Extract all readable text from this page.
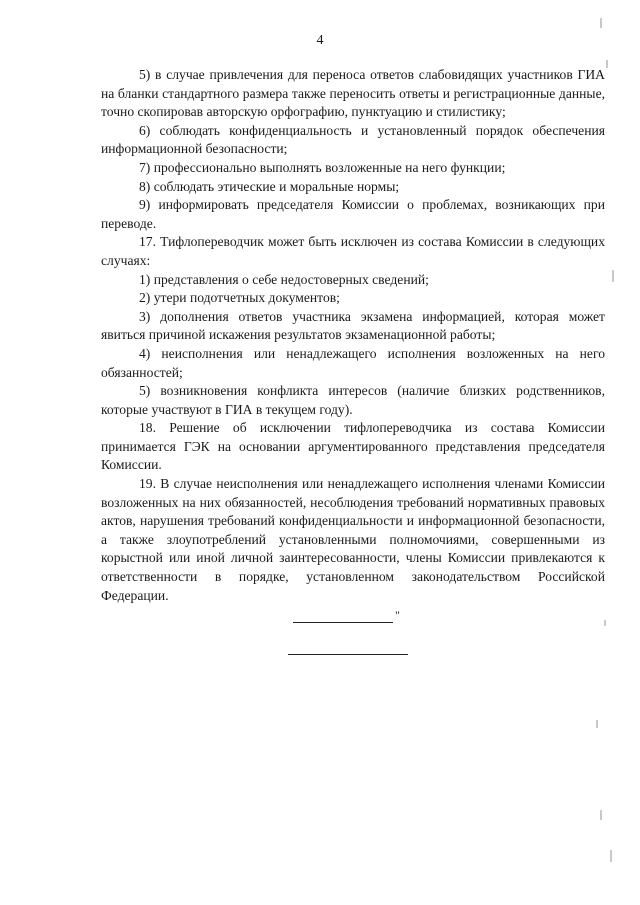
4

5) в случае привлечения для переноса ответов слабовидящих участников ГИА на бланки стандартного размера также переносить ответы и регистрационные данные, точно скопировав авторскую орфографию, пунктуацию и стилистику;

6) соблюдать конфиденциальность и установленный порядок обеспечения информационной безопасности;

7) профессионально выполнять возложенные на него функции;

8) соблюдать этические и моральные нормы;

9) информировать председателя Комиссии о проблемах, возникающих при переводе.

17. Тифлопереводчик может быть исключен из состава Комиссии в следующих случаях:

1) представления о себе недостоверных сведений;

2) утери подотчетных документов;

3) дополнения ответов участника экзамена информацией, которая может явиться причиной искажения результатов экзаменационной работы;

4) неисполнения или ненадлежащего исполнения возложенных на него обязанностей;

5) возникновения конфликта интересов (наличие близких родственников, которые участвуют в ГИА в текущем году).

18. Решение об исключении тифлопереводчика из состава Комиссии принимается ГЭК на основании аргументированного представления председателя Комиссии.

19. В случае неисполнения или ненадлежащего исполнения членами Комиссии возложенных на них обязанностей, несоблюдения требований нормативных правовых актов, нарушения требований конфиденциальности и информационной безопасности, а также злоупотреблений установленными полномочиями, совершенными из корыстной или иной личной заинтересованности, члены Комиссии привлекаются к ответственности в порядке, установленном законодательством Российской Федерации.

"
